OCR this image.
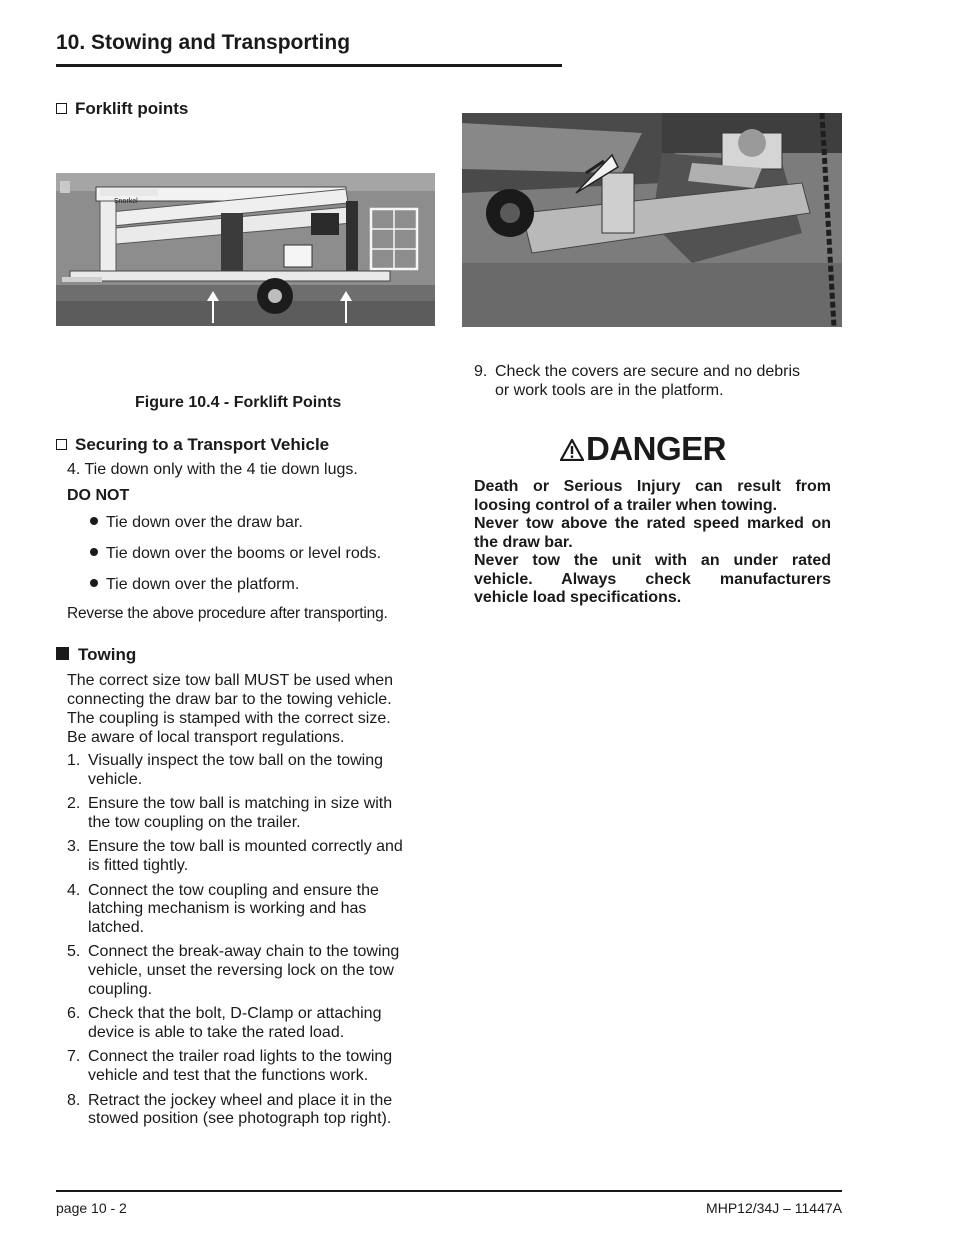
10. Stowing and Transporting
Forklift points
Snorkel
Figure 10.4 - Forklift Points
Securing to a Transport Vehicle
4. Tie down only with the 4 tie down lugs.
DO NOT
Tie down over the draw bar.
Tie down over the booms or level rods.
Tie down over the platform.
Reverse the above procedure after transporting.
Towing
The correct size tow ball MUST be used when
connecting the draw bar to the towing vehicle.
The coupling is stamped with the correct size.
Be aware of local transport regulations.
1. Visually inspect the tow ball on the towing
vehicle.
2. Ensure the tow ball is matching in size with
the tow coupling on the trailer.
3. Ensure the tow ball is mounted correctly and
is fitted tightly.
4. Connect the tow coupling and ensure the
latching mechanism is working and has
latched.
5. Connect the break-away chain to the towing
vehicle, unset the reversing lock on the tow
coupling.
6. Check that the bolt, D-Clamp or attaching
device is able to take the rated load.
7. Connect the trailer road lights to the towing
vehicle and test that the functions work.
8. Retract the jockey wheel and place it in the
stowed position (see photograph top right).
9. Check the covers are secure and no debris
or work tools are in the platform.
DANGER
Death or Serious Injury can result from
loosing control of a trailer when towing.
Never tow above the rated speed marked on
the draw bar.
Never tow the unit with an under rated
vehicle. Always check manufacturers
vehicle load specifications.
page 10 - 2	MHP12/34J – 11447A
